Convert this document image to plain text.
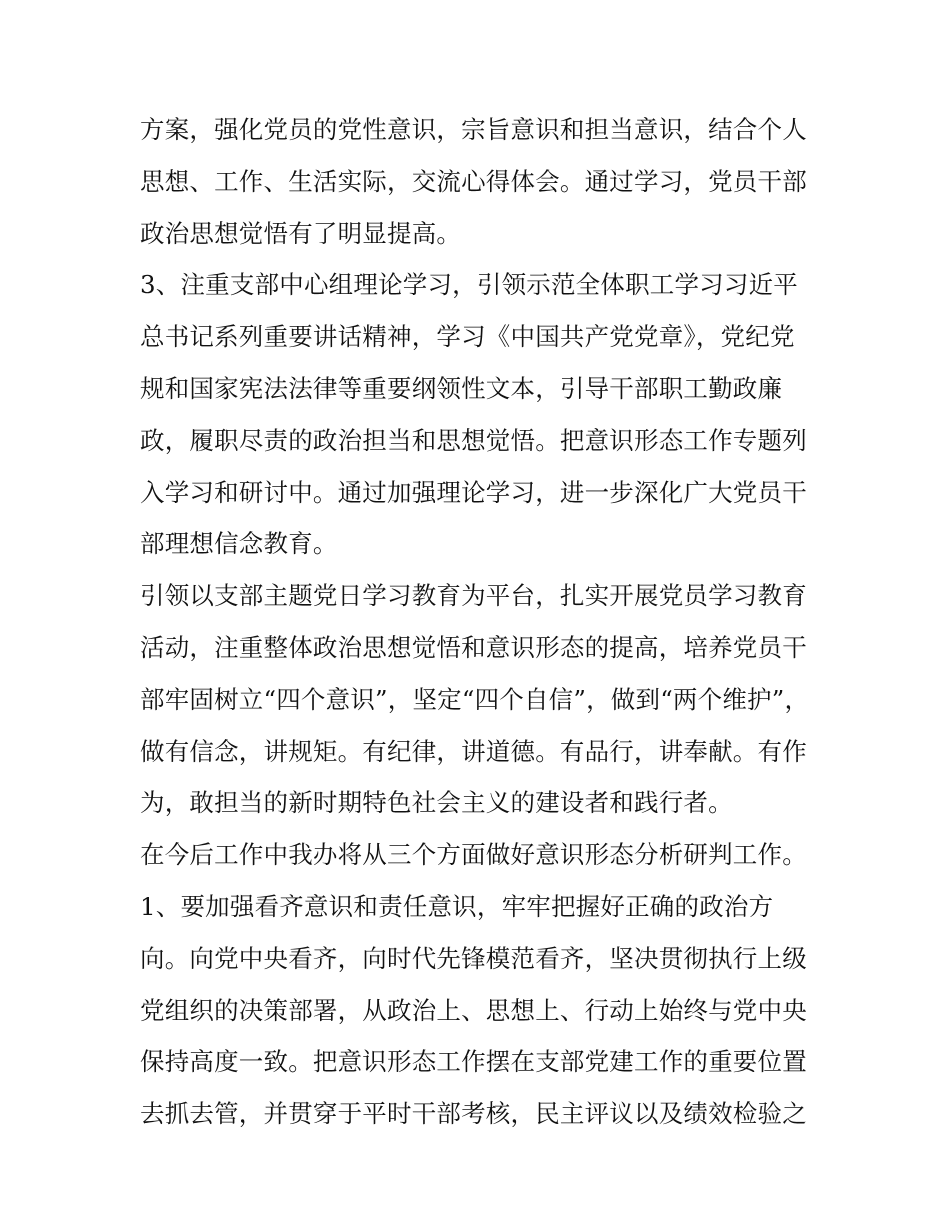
方案，强化党员的党性意识，宗旨意识和担当意识，结合个人
思想、工作、生活实际，交流心得体会。通过学习，党员干部
政治思想觉悟有了明显提高。
3、注重支部中心组理论学习，引领示范全体职工学习习近平
总书记系列重要讲话精神，学习《中国共产党党章》，党纪党
规和国家宪法法律等重要纲领性文本，引导干部职工勤政廉
政，履职尽责的政治担当和思想觉悟。把意识形态工作专题列
入学习和研讨中。通过加强理论学习，进一步深化广大党员干
部理想信念教育。
引领以支部主题党日学习教育为平台，扎实开展党员学习教育
活动，注重整体政治思想觉悟和意识形态的提高，培养党员干
部牢固树立“四个意识”，坚定“四个自信”，做到“两个维护”，
做有信念，讲规矩。有纪律，讲道德。有品行，讲奉献。有作
为，敢担当的新时期特色社会主义的建设者和践行者。
在今后工作中我办将从三个方面做好意识形态分析研判工作。
1、要加强看齐意识和责任意识，牢牢把握好正确的政治方
向。向党中央看齐，向时代先锋模范看齐，坚决贯彻执行上级
党组织的决策部署，从政治上、思想上、行动上始终与党中央
保持高度一致。把意识形态工作摆在支部党建工作的重要位置
去抓去管，并贯穿于平时干部考核，民主评议以及绩效检验之
